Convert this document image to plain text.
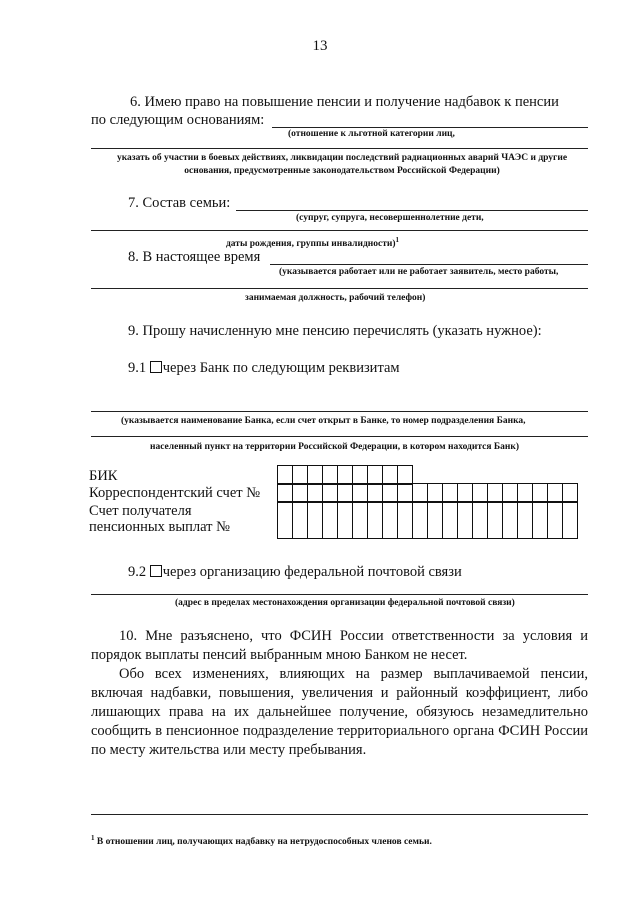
13
6. Имею право на повышение пенсии и получение надбавок к пенсии
по следующим основаниям:
(отношение к льготной категории лиц,
указать об участии в боевых действиях, ликвидации последствий радиационных аварий ЧАЭС и другие
основания, предусмотренные законодательством Российской Федерации)
7. Состав семьи:
(супруг, супруга, несовершеннолетние дети,
даты рождения, группы инвалидности)$^1$
8. В настоящее время
(указывается работает или не работает заявитель, место работы,
занимаемая должность, рабочий телефон)
9. Прошу начисленную мне пенсию перечислять (указать нужное):
9.1 через Банк по следующим реквизитам
(указывается наименование Банка, если счет открыт в Банке, то номер подразделения Банка,
населенный пункт на территории Российской Федерации, в котором находится Банк)
БИК
Корреспондентский счет №
Счет получателя
пенсионных выплат №

9.2 через организацию федеральной почтовой связи
(адрес в пределах местонахождения организации федеральной почтовой связи)
10. Мне разъяснено, что ФСИН России ответственности за условия и порядок выплаты пенсий выбранным мною Банком не несет.
Обо всех изменениях, влияющих на размер выплачиваемой пенсии, включая надбавки, повышения, увеличения и районный коэффициент, либо лишающих права на их дальнейшее получение, обязуюсь незамедлительно сообщить в пенсионное подразделение территориального органа ФСИН России по месту жительства или месту пребывания.
$^1$ В отношении лиц, получающих надбавку на нетрудоспособных членов семьи.
